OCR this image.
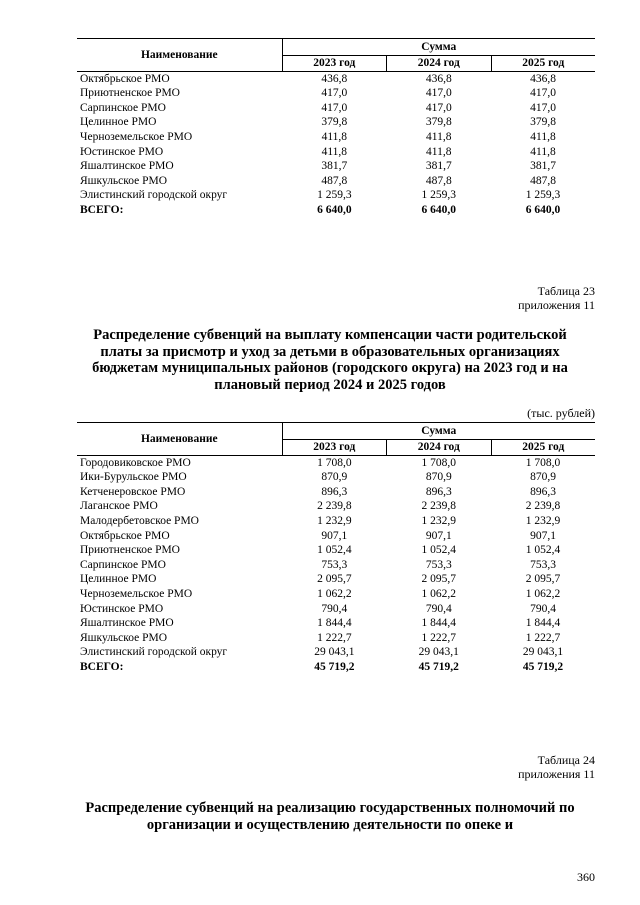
Наименование	Сумма		
	2023 год	2024 год	2025 год
Октябрьское РМО	436,8	436,8	436,8
Приютненское РМО	417,0	417,0	417,0
Сарпинское РМО	417,0	417,0	417,0
Целинное РМО	379,8	379,8	379,8
Черноземельское РМО	411,8	411,8	411,8
Юстинское РМО	411,8	411,8	411,8
Яшалтинское РМО	381,7	381,7	381,7
Яшкульское РМО	487,8	487,8	487,8
Элистинский городской округ	1 259,3	1 259,3	1 259,3
ВСЕГО:	6 640,0	6 640,0	6 640,0
Таблица 23
приложения 11
Распределение субвенций на выплату компенсации части родительской платы за присмотр и уход за детьми в образовательных организациях бюджетам муниципальных районов (городского округа) на 2023 год и на плановый период 2024 и 2025 годов
(тыс. рублей)
Наименование	Сумма		
	2023 год	2024 год	2025 год
Городовиковское РМО	1 708,0	1 708,0	1 708,0
Ики-Бурульское РМО	870,9	870,9	870,9
Кетченеровское РМО	896,3	896,3	896,3
Лаганское РМО	2 239,8	2 239,8	2 239,8
Малодербетовское РМО	1 232,9	1 232,9	1 232,9
Октябрьское РМО	907,1	907,1	907,1
Приютненское РМО	1 052,4	1 052,4	1 052,4
Сарпинское РМО	753,3	753,3	753,3
Целинное РМО	2 095,7	2 095,7	2 095,7
Черноземельское РМО	1 062,2	1 062,2	1 062,2
Юстинское РМО	790,4	790,4	790,4
Яшалтинское РМО	1 844,4	1 844,4	1 844,4
Яшкульское РМО	1 222,7	1 222,7	1 222,7
Элистинский городской округ	29 043,1	29 043,1	29 043,1
ВСЕГО:	45 719,2	45 719,2	45 719,2
Таблица 24
приложения 11
Распределение субвенций на реализацию государственных полномочий по организации и осуществлению деятельности по опеке и
360
